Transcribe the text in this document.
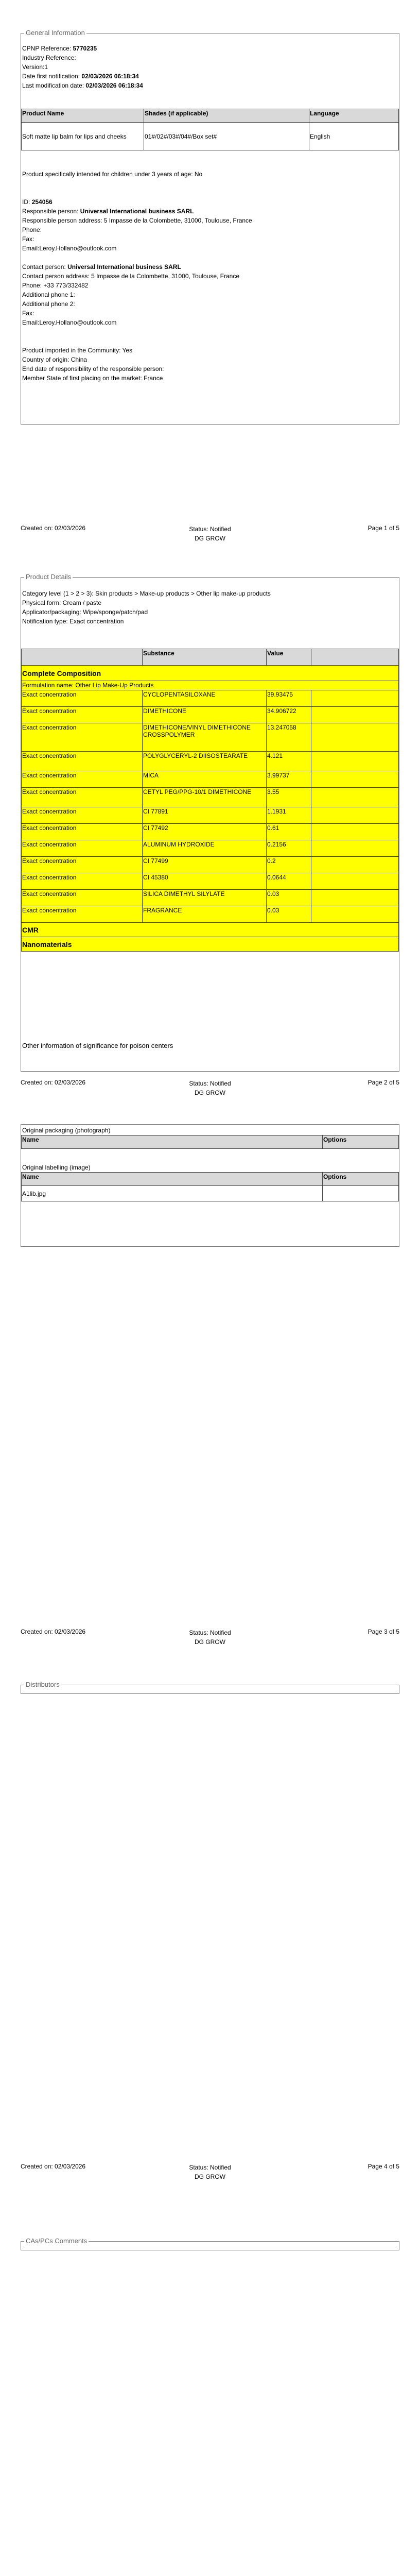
General Information
CPNP Reference: 5770235
Industry Reference:
Version:1
Date first notification: 02/03/2026 06:18:34
Last modification date: 02/03/2026 06:18:34
Product Name	Shades (if applicable)	Language
Soft matte lip balm for lips and cheeks	01#/02#/03#/04#/Box set#	English
Product specifically intended for children under 3 years of age: No
ID: 254056
Responsible person: Universal International business SARL
Responsible person address: 5 Impasse de la Colombette, 31000, Toulouse, France
Phone:
Fax:
Email:Leroy.Hollano@outlook.com
Contact person: Universal International business SARL
Contact person address: 5 Impasse de la Colombette, 31000, Toulouse, France
Phone: +33 773/332482
Additional phone 1:
Additional phone 2:
Fax:
Email:Leroy.Hollano@outlook.com
Product imported in the Community: Yes
Country of origin: China
End date of responsibility of the responsible person:
Member State of first placing on the market: France
Created on: 02/03/2026	Status: Notified
DG GROW
Page 1 of 5
Product Details
Category level (1 > 2 > 3): Skin products > Make-up products > Other lip make-up products
Physical form: Cream / paste
Applicator/packaging: Wipe/sponge/patch/pad
Notification type: Exact concentration
	Substance	Value	
Complete Composition			
Formulation name: Other Lip Make-Up Products			
Exact concentration	CYCLOPENTASILOXANE	39.93475	
Exact concentration	DIMETHICONE	34.906722	
Exact concentration	DIMETHICONE/VINYL DIMETHICONE CROSSPOLYMER	13.247058	
Exact concentration	POLYGLYCERYL-2 DIISOSTEARATE	4.121	
Exact concentration	MICA	3.99737	
Exact concentration	CETYL PEG/PPG-10/1 DIMETHICONE	3.55	
Exact concentration	CI 77891	1.1931	
Exact concentration	CI 77492	0.61	
Exact concentration	ALUMINUM HYDROXIDE	0.2156	
Exact concentration	CI 77499	0.2	
Exact concentration	CI 45380	0.0644	
Exact concentration	SILICA DIMETHYL SILYLATE	0.03	
Exact concentration	FRAGRANCE	0.03	
CMR			
Nanomaterials			
Other information of significance for poison centers
Created on: 02/03/2026	Status: Notified
DG GROW
Page 2 of 5
Original packaging (photograph)
Name	Options
Original labelling (image)
Name	Options
A1lib.jpg	
Created on: 02/03/2026	Status: Notified
DG GROW
Page 3 of 5
Distributors
Created on: 02/03/2026	Status: Notified
DG GROW
Page 4 of 5
CAs/PCs Comments
